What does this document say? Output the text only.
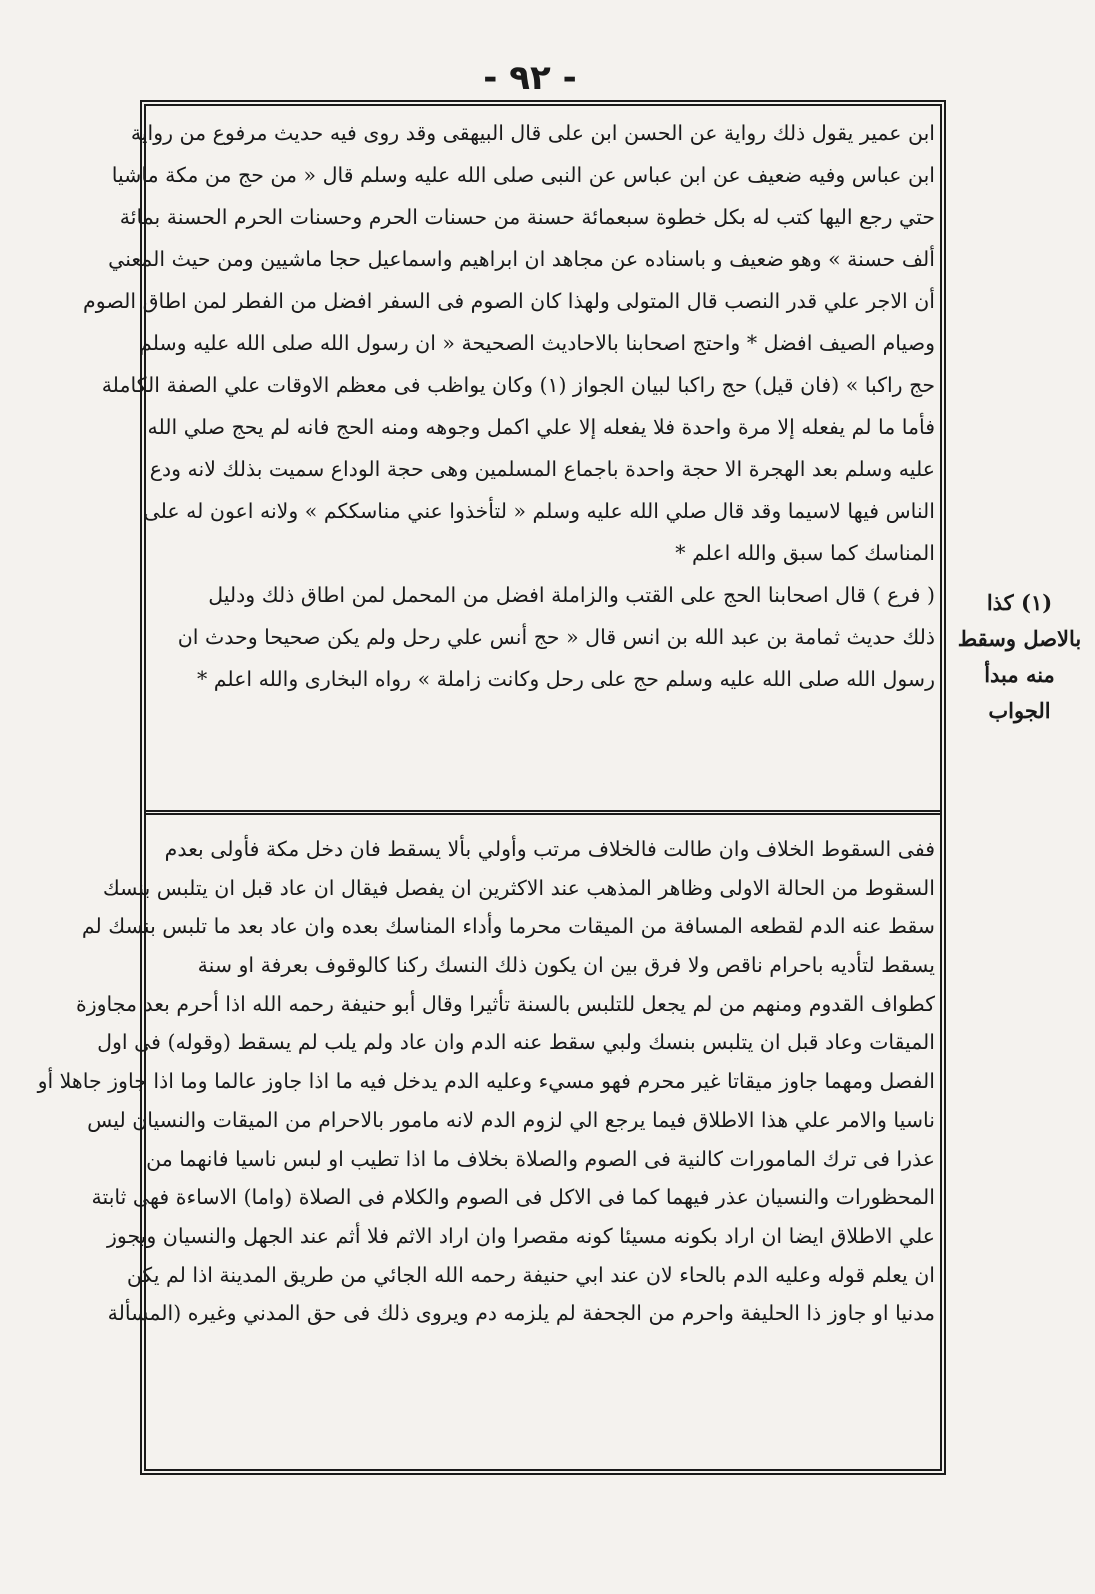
- ٩٢ -
ابن عمير يقول ذلك رواية عن الحسن ابن على قال البيهقى وقد روى فيه حديث مرفوع من رواية
ابن عباس وفيه ضعيف عن ابن عباس عن النبى صلى الله عليه وسلم قال « من حج من مكة ماشيا
حتي رجع اليها كتب له بكل خطوة سبعمائة حسنة من حسنات الحرم وحسنات الحرم الحسنة بمائة
ألف حسنة » وهو ضعيف و باسناده عن مجاهد ان ابراهيم واسماعيل حجا ماشيين ومن حيث المعني
أن الاجر علي قدر النصب قال المتولى ولهذا كان الصوم فى السفر افضل من الفطر لمن اطاق الصوم
وصيام الصيف افضل * واحتج اصحابنا بالاحاديث الصحيحة « ان رسول الله صلى الله عليه وسلم
حج راكبا » (فان قيل) حج راكبا لبيان الجواز (١) وكان يواظب فى معظم الاوقات علي الصفة الكاملة
فأما ما لم يفعله إلا مرة واحدة فلا يفعله إلا علي اكمل وجوهه ومنه الحج فانه لم يحج صلي الله
عليه وسلم بعد الهجرة الا حجة واحدة باجماع المسلمين وهى حجة الوداع سميت بذلك لانه ودع
الناس فيها لاسيما وقد قال صلي الله عليه وسلم « لتأخذوا عني مناسككم » ولانه اعون له على
المناسك كما سبق والله اعلم *
( فرع ) قال اصحابنا الحج على القتب والزاملة افضل من المحمل لمن اطاق ذلك ودليل
ذلك حديث ثمامة بن عبد الله بن انس قال « حج أنس علي رحل ولم يكن صحيحا وحدث ان
رسول الله صلى الله عليه وسلم حج على رحل وكانت زاملة » رواه البخارى والله اعلم *
ففى السقوط الخلاف وان طالت فالخلاف مرتب وأولي بألا يسقط فان دخل مكة فأولى بعدم
السقوط من الحالة الاولى وظاهر المذهب عند الاكثرين ان يفصل فيقال ان عاد قبل ان يتلبس بنسك
سقط عنه الدم لقطعه المسافة من الميقات محرما وأداء المناسك بعده وان عاد بعد ما تلبس بنسك لم
يسقط لتأديه باحرام ناقص ولا فرق بين ان يكون ذلك النسك ركنا كالوقوف بعرفة او سنة
كطواف القدوم ومنهم من لم يجعل للتلبس بالسنة تأثيرا وقال أبو حنيفة رحمه الله اذا أحرم بعد مجاوزة
الميقات وعاد قبل ان يتلبس بنسك ولبي سقط عنه الدم وان عاد ولم يلب لم يسقط (وقوله) فى اول
الفصل ومهما جاوز ميقاتا غير محرم فهو مسيء وعليه الدم يدخل فيه ما اذا جاوز عالما وما اذا جاوز جاهلا أو
ناسيا والامر علي هذا الاطلاق فيما يرجع الي لزوم الدم لانه مامور بالاحرام من الميقات والنسيان ليس
عذرا فى ترك المامورات كالنية فى الصوم والصلاة بخلاف ما اذا تطيب او لبس ناسيا فانهما من
المحظورات والنسيان عذر فيهما كما فى الاكل فى الصوم والكلام فى الصلاة (واما) الاساءة فهى ثابتة
علي الاطلاق ايضا ان اراد بكونه مسيئا كونه مقصرا وان اراد الاثم فلا أثم عند الجهل والنسيان ويجوز
ان يعلم قوله وعليه الدم بالحاء لان عند ابي حنيفة رحمه الله الجائي من طريق المدينة اذا لم يكن
مدنيا او جاوز ذا الحليفة واحرم من الجحفة لم يلزمه دم ويروى ذلك فى حق المدني وغيره (المسألة
(١) كذا
بالاصل وسقط
منه مبدأ
الجواب
